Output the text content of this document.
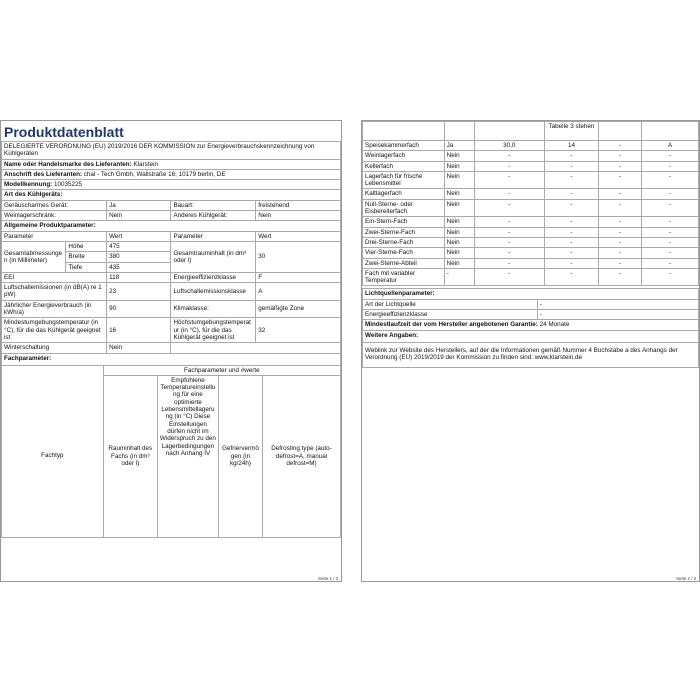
Produktdatenblatt
DELEGIERTE VERORDNUNG (EU) 2019/2016 DER KOMMISSION zur Energieverbrauchskennzeichnung von Kühlgeräten				
Name oder Handelsmarke des Lieferanten: Klarstein				
Anschrift des Lieferanten: chal - Tech Gmbh, Wallstraße 16, 10179 berlin, DE				
Modellkennung: 10035225				
Art des Kühlgeräts:				
Geräuscharmes Gerät:		Ja	Bauart:	freistehend
Weinlagerschrank:		Nein	Anderes Kühlgerät:	Nein
Allgemeine Produktparameter:				
Parameter		Wert	Parameter	Wert
Gesamtabmessungen (in Millimeter)	Höhe	475	Gesamtrauminhalt (in dm³ oder l)	30
	Breite	380		
	Tiefe	435		
EEI		118	Energieeffizienzklasse	F
Luftschallemissionen (in dB(A) re 1 pW)		23	Luftschallemissionsklasse	A
Jährlicher Energieverbrauch (in kWh/a)		90	Klimaklasse:	gemäßigte Zone
Mindestumgebungstemperatur (in °C), für die das Kühlgerät geeignet ist		16	Höchstumgebungstemperatur (in °C), für die das Kühlgerät geeignet ist	32
Winterschaltung		Nein		
Fachparameter:				
	Fachparameter und #werte			
Fachtyp	Rauminhalt des Fachs (in dm³ oder l)	Empfohlene Temperatureinstellung für eine optimierte Lebensmittellagerung (in °C) Diese Einstellungen dürfen nicht im Widerspruch zu den Lagerbedingungen nach Anhang IV	Gefriervermögen (in kg/24h)	Defrosting type (auto-defrost=A, manual defrost=M)
Seite 1 / 2
			Tabelle 3 stehen		
Speisekammerfach	Ja	30,0	14	-	A
Weinlagerfach	Nein	-	-	-	-
Kellerfach	Nein	-	-	-	-
Lagerfach für frische Lebensmittel	Nein	-	-	-	-
Kaltlagerfach	Nein	-	-	-	-
Null-Sterne- oder Eisbereiterfach	Nein	-	-	-	-
Ein-Stern-Fach	Nein	-	-	-	-
Zwei-Sterne-Fach	Nein	-	-	-	-
Drei-Sterne-Fach	Nein	-	-	-	-
Vier-Sterne-Fach	Nein	-	-	-	-
Zwei-Sterne-Abteil	Nein	-	-	-	-
Fach mit variabler Temperatur	-	-	-	-	-
Lichtquellenparameter:	
Art der Lichtquelle	-
Energieeffizienzklasse	-
Mindestlaufzeit der vom Hersteller angebotenen Garantie: 24 Monate	
Weitere Angaben:	
Weblink zur Website des Herstellers, auf der die Informationen gemäß Nummer 4 Buchstabe a des Anhangs der Verordnung (EU) 2019/2019 der Kommission zu finden sind: www.klarstein.de	
Seite 2 / 2
